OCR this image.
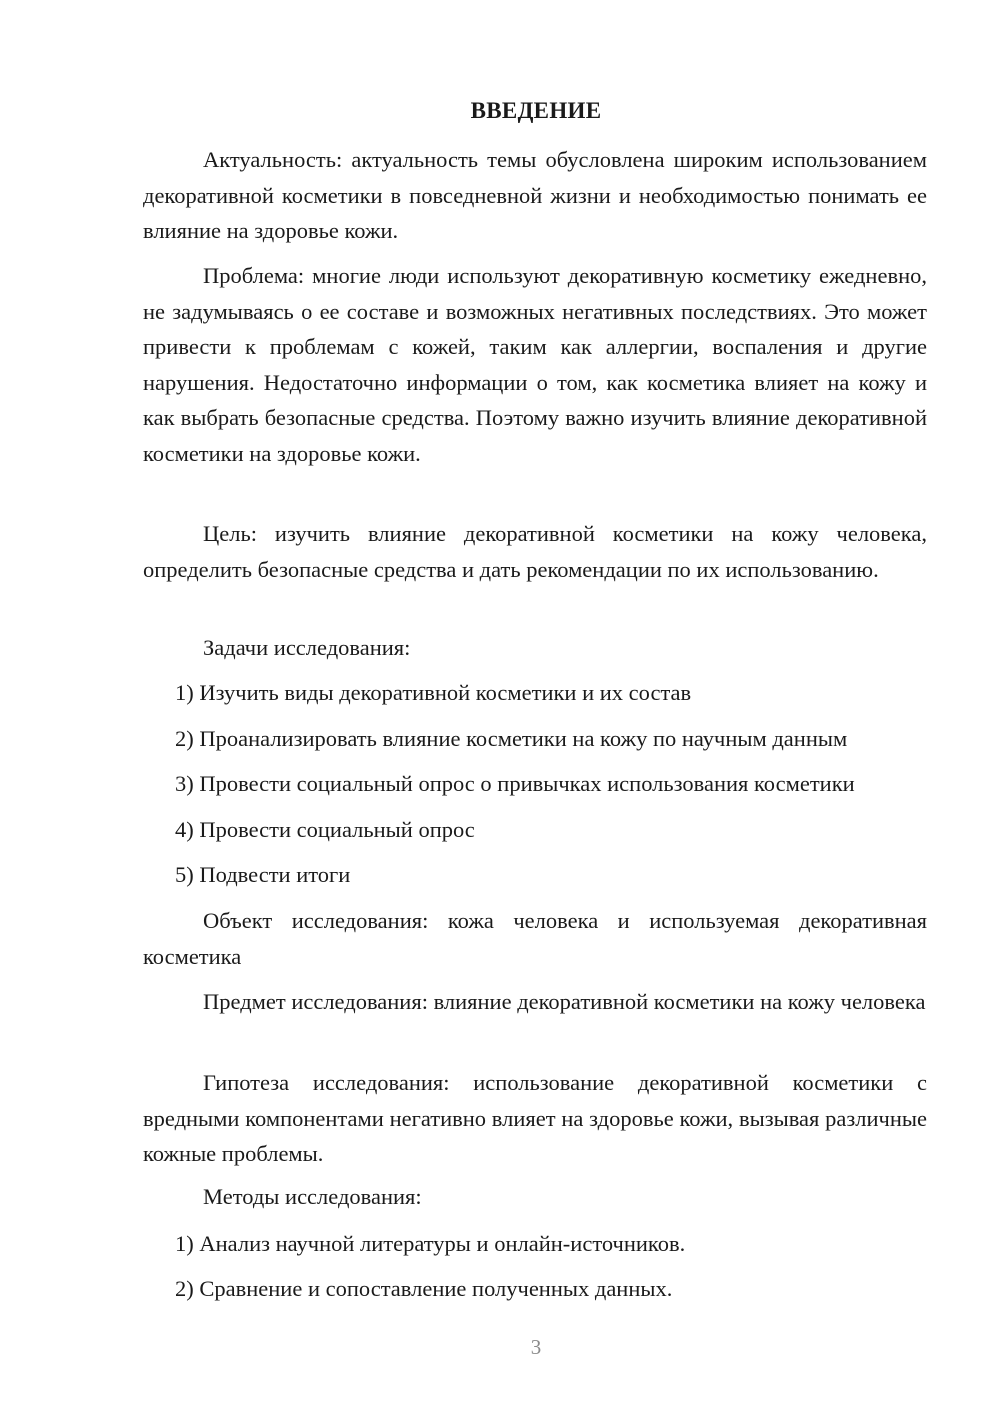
ВВЕДЕНИЕ

Актуальность: актуальность темы обусловлена широким использованием декоративной косметики в повседневной жизни и необходимостью понимать ее влияние на здоровье кожи.

Проблема: многие люди используют декоративную косметику ежедневно, не задумываясь о ее составе и возможных негативных последствиях. Это может привести к проблемам с кожей, таким как аллергии, воспаления и другие нарушения. Недостаточно информации о том, как косметика влияет на кожу и как выбрать безопасные средства. Поэтому важно изучить влияние декоративной косметики на здоровье кожи.

Цель: изучить влияние декоративной косметики на кожу человека, определить безопасные средства и дать рекомендации по их использованию.

Задачи исследования:
1) Изучить виды декоративной косметики и их состав
2) Проанализировать влияние косметики на кожу по научным данным
3) Провести социальный опрос о привычках использования косметики
4) Провести социальный опрос
5) Подвести итоги

Объект исследования: кожа человека и используемая декоративная косметика

Предмет исследования: влияние декоративной косметики на кожу человека

Гипотеза исследования: использование декоративной косметики с вредными компонентами негативно влияет на здоровье кожи, вызывая различные кожные проблемы.

Методы исследования:
1) Анализ научной литературы и онлайн-источников.
2) Сравнение и сопоставление полученных данных.
3
